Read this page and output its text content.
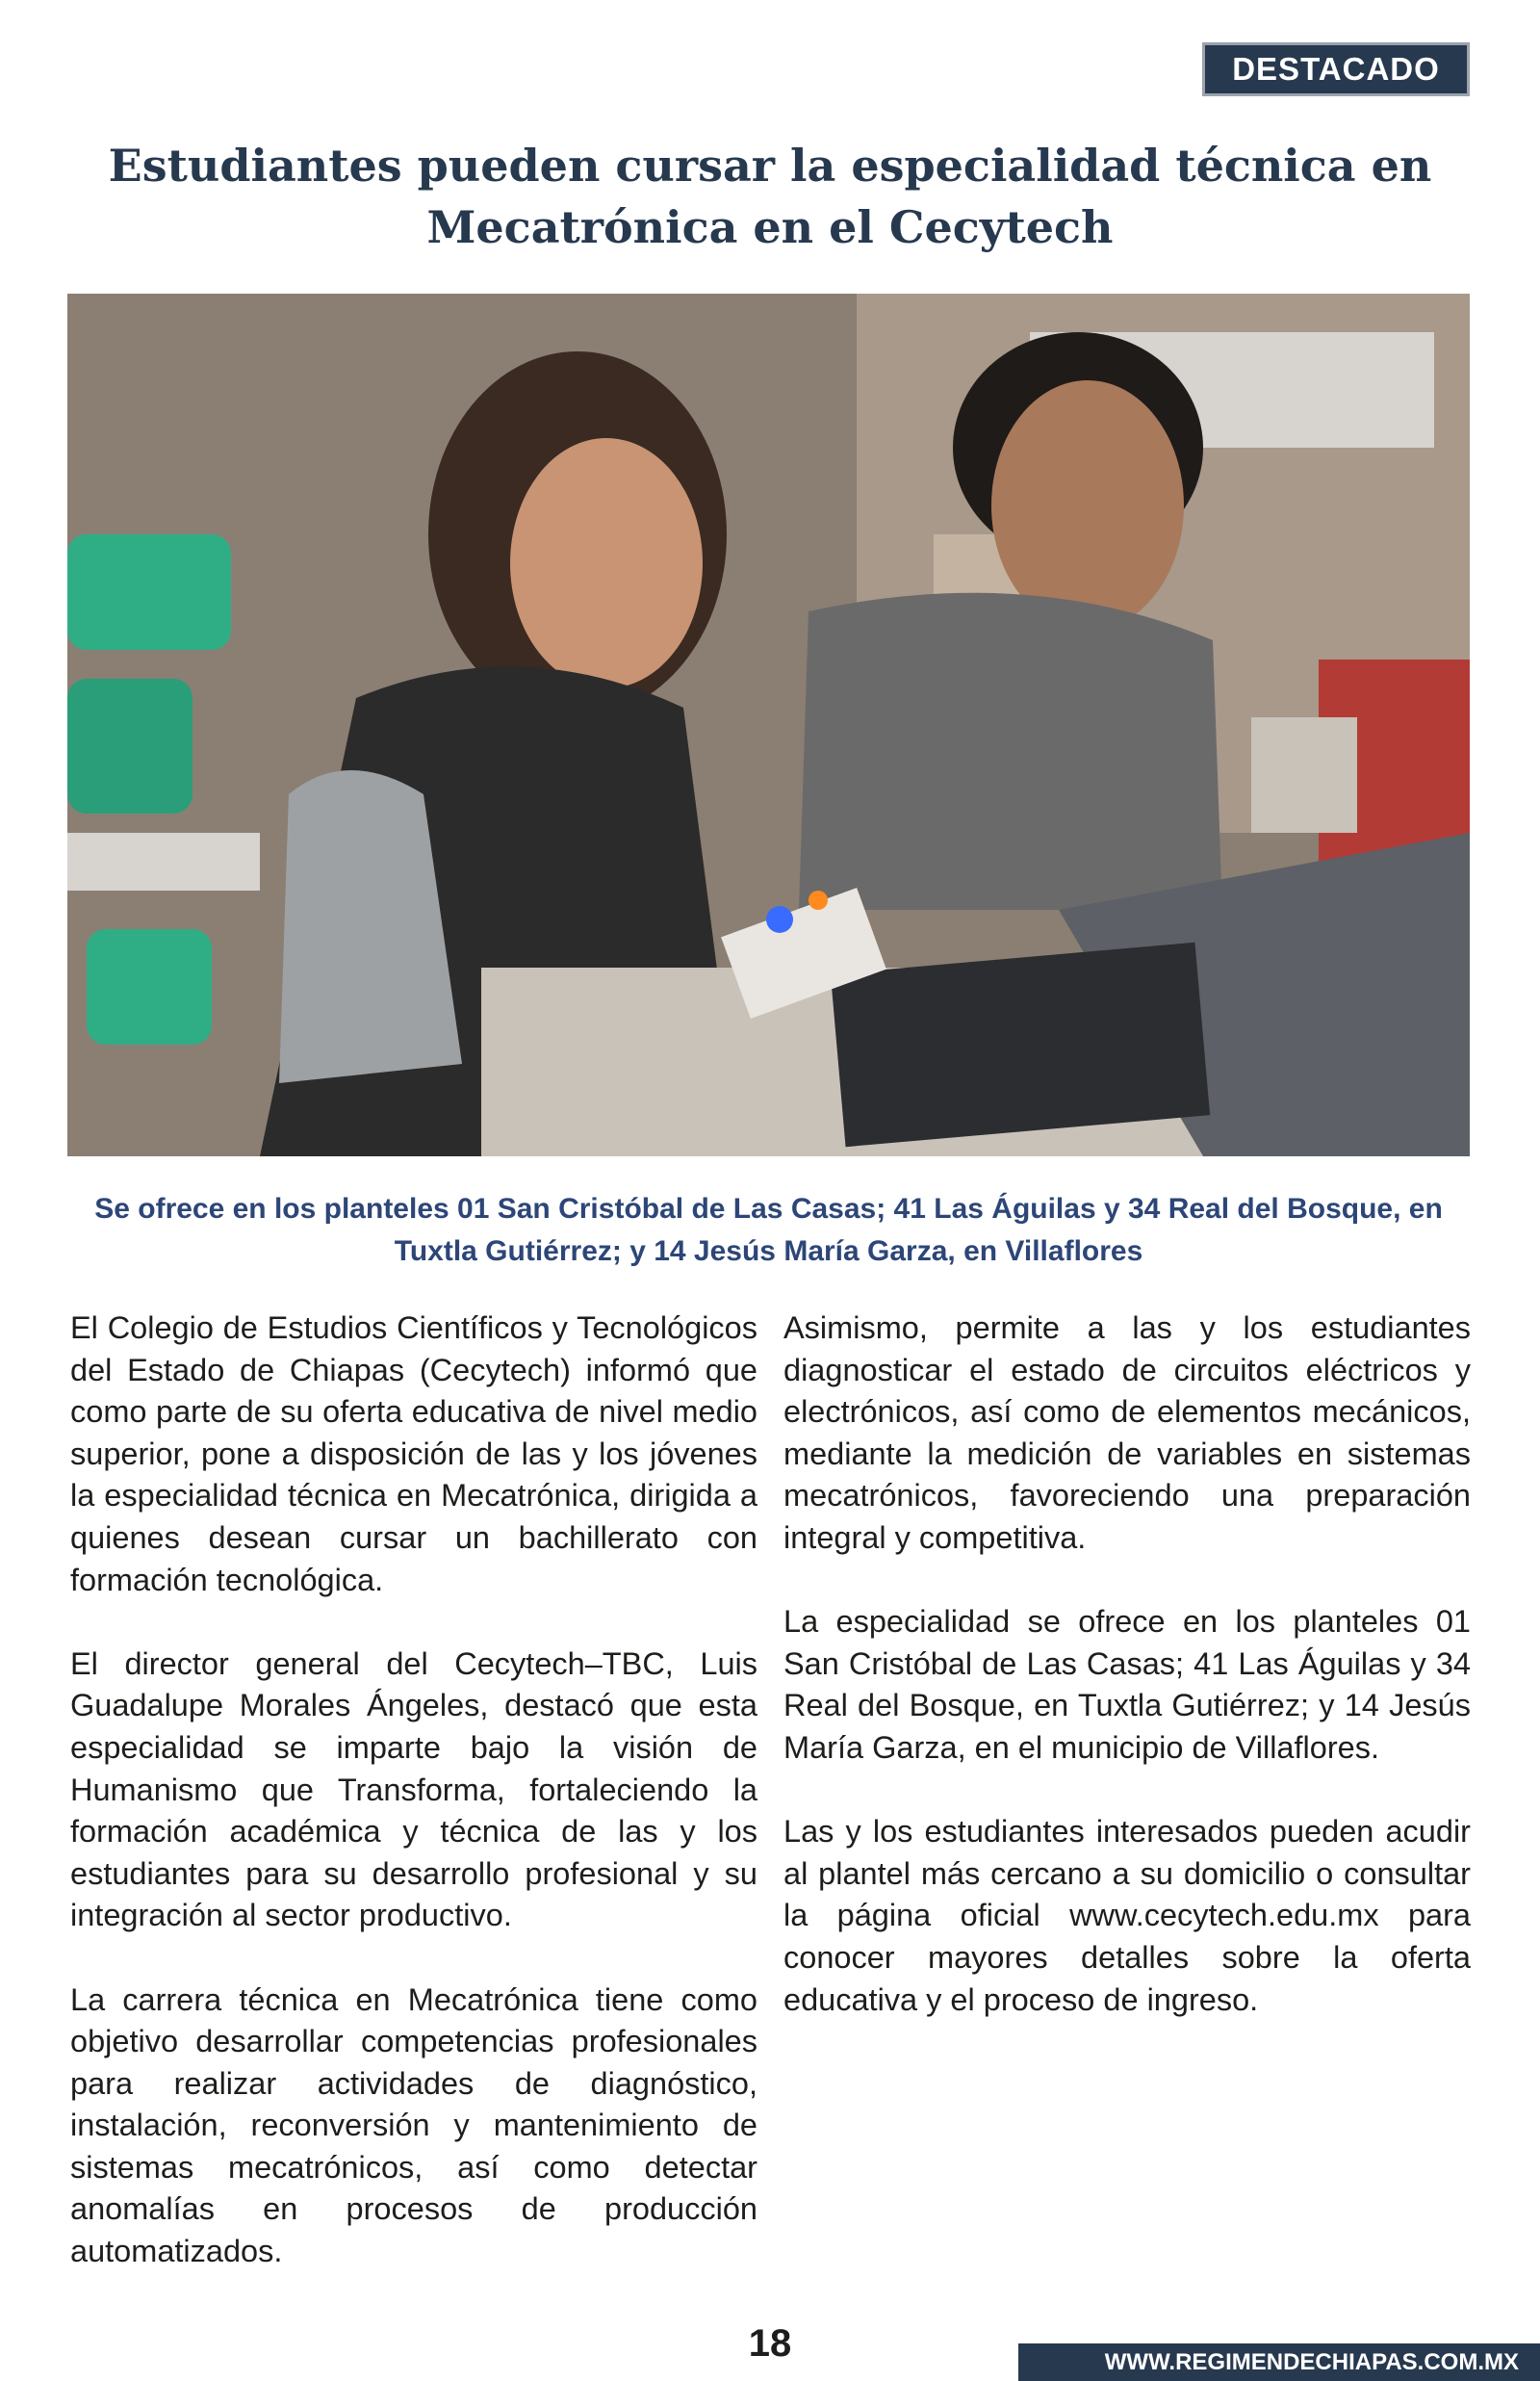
DESTACADO
Estudiantes pueden cursar la especialidad técnica en Mecatrónica en el Cecytech

Se ofrece en los planteles 01 San Cristóbal de Las Casas; 41 Las Águilas y 34 Real del Bosque, en Tuxtla Gutiérrez; y 14 Jesús María Garza, en Villaflores

El Colegio de Estudios Científicos y Tecnológicos del Estado de Chiapas (Cecytech) informó que como parte de su oferta educativa de nivel medio superior, pone a disposición de las y los jóvenes la especialidad técnica en Mecatrónica, dirigida a quienes desean cursar un bachillerato con formación tecnológica.

El director general del Cecytech–TBC, Luis Guadalupe Morales Ángeles, destacó que esta especialidad se imparte bajo la visión de Humanismo que Transforma, fortaleciendo la formación académica y técnica de las y los estudiantes para su desarrollo profesional y su integración al sector productivo.

La carrera técnica en Mecatrónica tiene como objetivo desarrollar competencias profesionales para realizar actividades de diagnóstico, instalación, reconversión y mantenimiento de sistemas mecatrónicos, así como detectar anomalías en procesos de producción automatizados.

Asimismo, permite a las y los estudiantes diagnosticar el estado de circuitos eléctricos y electrónicos, así como de elementos mecánicos, mediante la medición de variables en sistemas mecatrónicos, favoreciendo una preparación integral y competitiva.

La especialidad se ofrece en los planteles 01 San Cristóbal de Las Casas; 41 Las Águilas y 34 Real del Bosque, en Tuxtla Gutiérrez; y 14 Jesús María Garza, en el municipio de Villaflores.

Las y los estudiantes interesados pueden acudir al plantel más cercano a su domicilio o consultar la página oficial www.cecytech.edu.mx para conocer mayores detalles sobre la oferta educativa y el proceso de ingreso.

18	WWW.REGIMENDECHIAPAS.COM.MX
